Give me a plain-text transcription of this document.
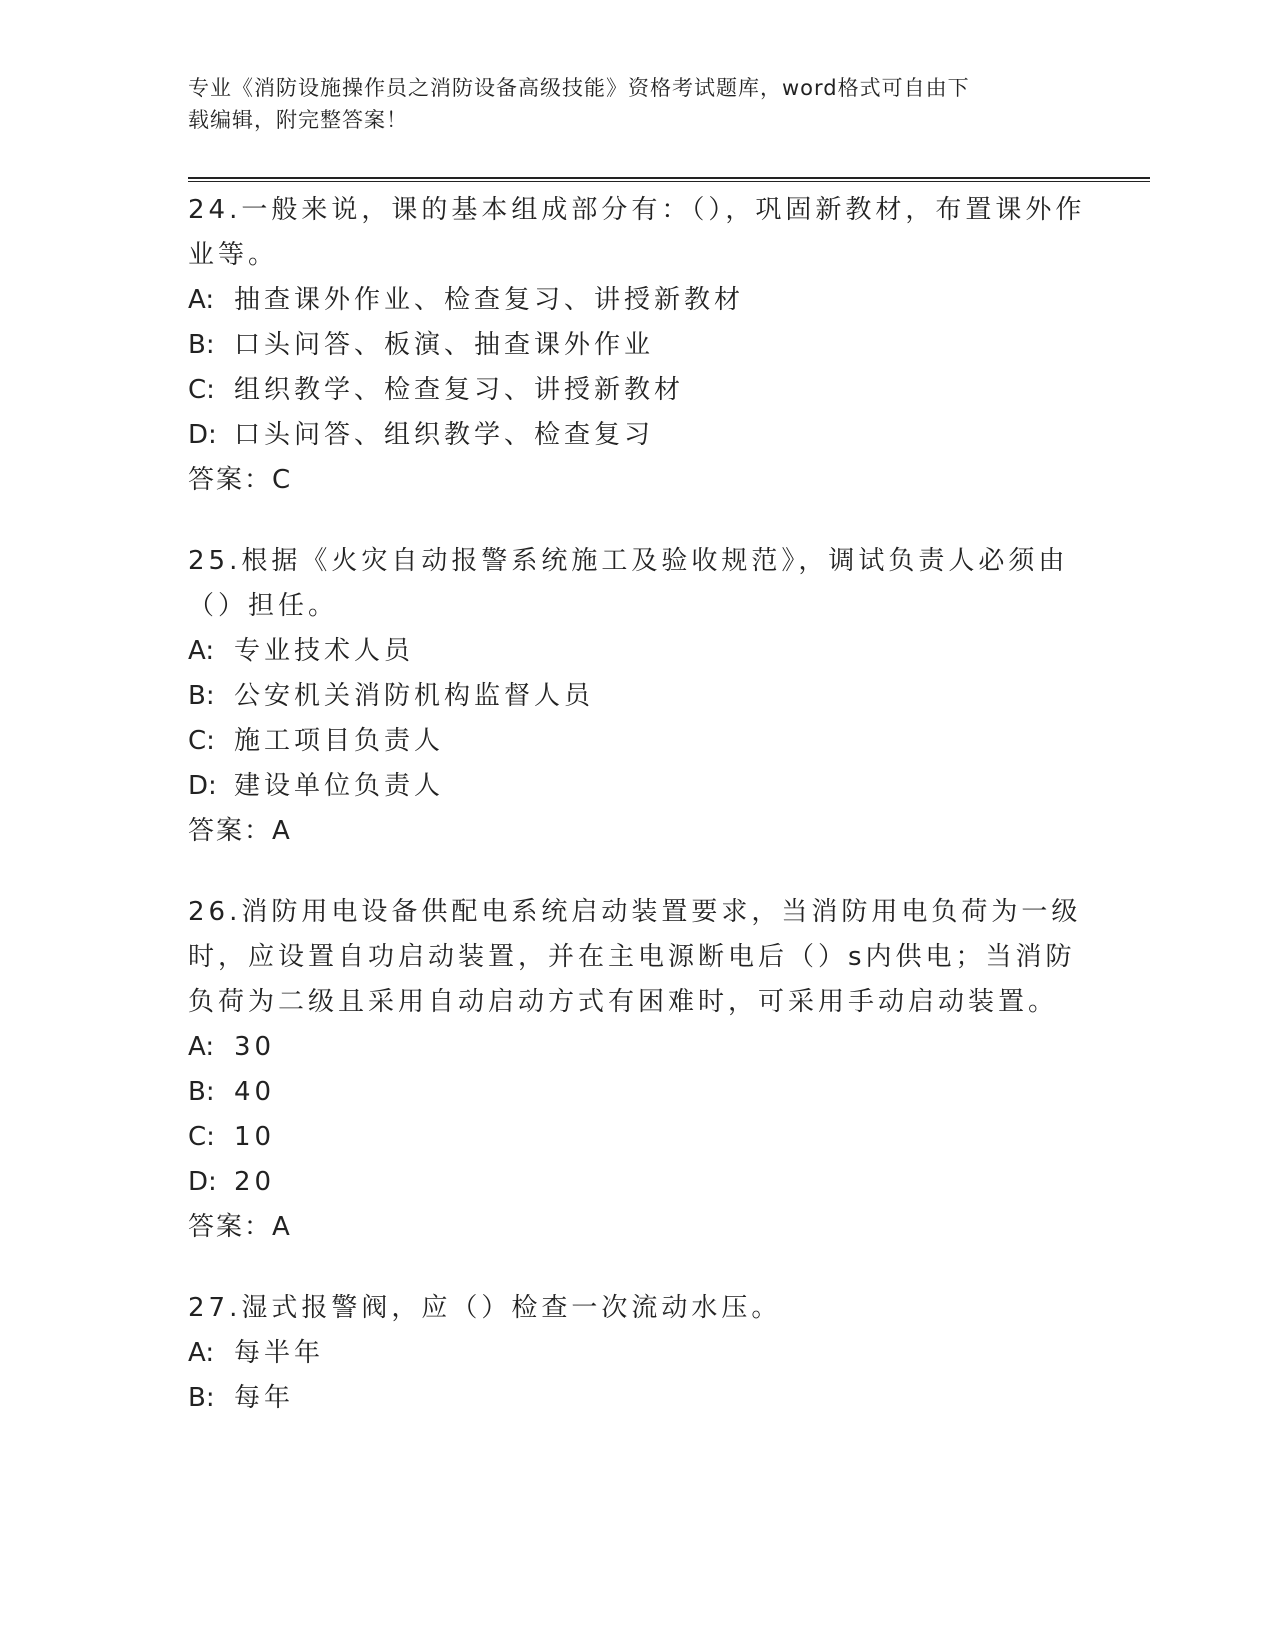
专业《消防设施操作员之消防设备高级技能》资格考试题库，word格式可自由下
载编辑，附完整答案！

24.一般来说，课的基本组成部分有：（），巩固新教材，布置课外作业等。

A: 抽查课外作业、检查复习、讲授新教材

B: 口头问答、板演、抽查课外作业

C: 组织教学、检查复习、讲授新教材

D: 口头问答、组织教学、检查复习

答案：C

25.根据《火灾自动报警系统施工及验收规范》，调试负责人必须由（）担任。

A: 专业技术人员

B: 公安机关消防机构监督人员

C: 施工项目负责人

D: 建设单位负责人

答案：A

26.消防用电设备供配电系统启动装置要求，当消防用电负荷为一级时，应设置自功启动装置，并在主电源断电后（）s内供电；当消防负荷为二级且采用自动启动方式有困难时，可采用手动启动装置。

A: 30

B: 40

C: 10

D: 20

答案：A

27.湿式报警阀，应（）检查一次流动水压。

A: 每半年

B: 每年
